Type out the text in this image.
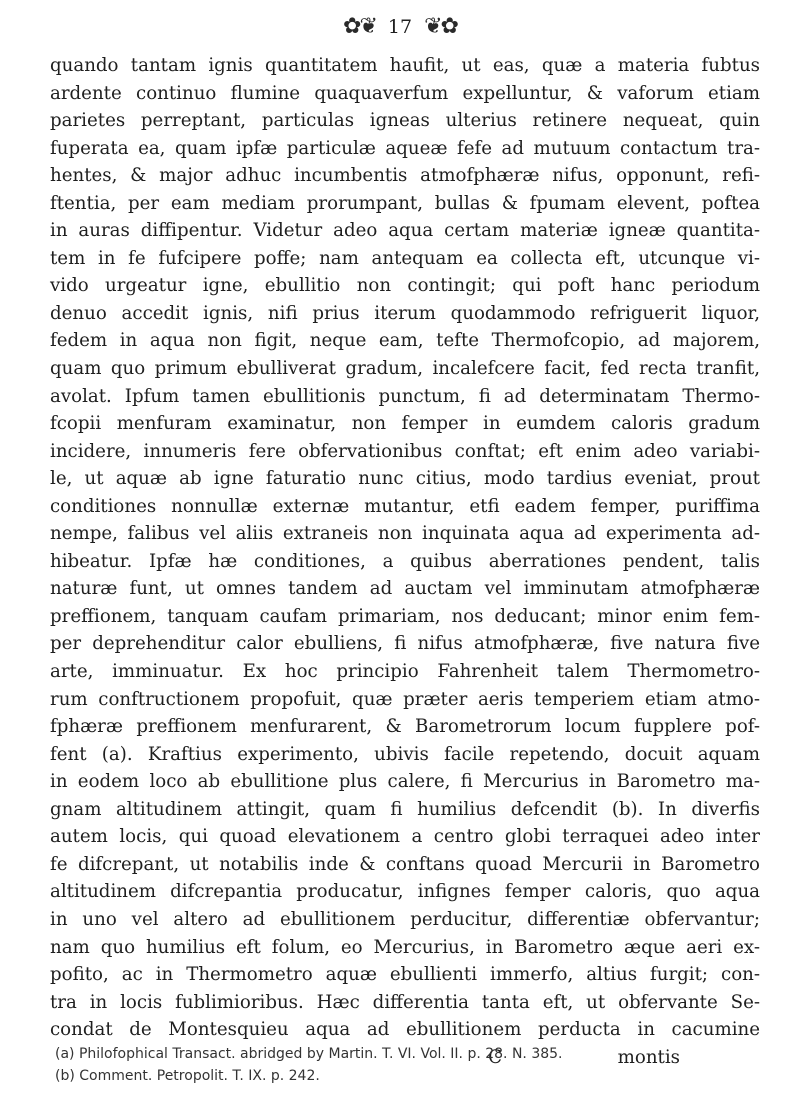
✿❦ 17 ❦✿
quando tantam ignis quantitatem haufit, ut eas, quæ a materia fubtus
ardente continuo flumine quaquaverfum expelluntur, & vaforum etiam
parietes perreptant, particulas igneas ulterius retinere nequeat, quin
fuperata ea, quam ipfæ particulæ aqueæ fefe ad mutuum contactum tra-
hentes, & major adhuc incumbentis atmofphæræ nifus, opponunt, refi-
ftentia, per eam mediam prorumpant, bullas & fpumam elevent, poftea
in auras diffipentur. Videtur adeo aqua certam materiæ igneæ quantita-
tem in fe fufcipere poffe; nam antequam ea collecta eft, utcunque vi-
vido urgeatur igne, ebullitio non contingit; qui poft hanc periodum
denuo accedit ignis, nifi prius iterum quodammodo refriguerit liquor,
fedem in aqua non figit, neque eam, tefte Thermofcopio, ad majorem,
quam quo primum ebulliverat gradum, incalefcere facit, fed recta tranfit,
avolat. Ipfum tamen ebullitionis punctum, fi ad determinatam Thermo-
fcopii menfuram examinatur, non femper in eumdem caloris gradum
incidere, innumeris fere obfervationibus conftat; eft enim adeo variabi-
le, ut aquæ ab igne faturatio nunc citius, modo tardius eveniat, prout
conditiones nonnullæ externæ mutantur, etfi eadem femper, puriffima
nempe, falibus vel aliis extraneis non inquinata aqua ad experimenta ad-
hibeatur. Ipfæ hæ conditiones, a quibus aberrationes pendent, talis
naturæ funt, ut omnes tandem ad auctam vel imminutam atmofphæræ
preffionem, tanquam caufam primariam, nos deducant; minor enim fem-
per deprehenditur calor ebulliens, fi nifus atmofphæræ, five natura five
arte, imminuatur. Ex hoc principio Fahrenheit talem Thermometro-
rum conftructionem propofuit, quæ præter aeris temperiem etiam atmo-
fphæræ preffionem menfurarent, & Barometrorum locum fupplere pof-
fent (a). Kraftius experimento, ubivis facile repetendo, docuit aquam
in eodem loco ab ebullitione plus calere, fi Mercurius in Barometro ma-
gnam altitudinem attingit, quam fi humilius defcendit (b). In diverfis
autem locis, qui quoad elevationem a centro globi terraquei adeo inter
fe difcrepant, ut notabilis inde & conftans quoad Mercurii in Barometro
altitudinem difcrepantia producatur, infignes femper caloris, quo aqua
in uno vel altero ad ebullitionem perducitur, differentiæ obfervantur;
nam quo humilius eft folum, eo Mercurius, in Barometro æque aeri ex-
pofito, ac in Thermometro aquæ ebullienti immerfo, altius furgit; con-
tra in locis fublimioribus. Hæc differentia tanta eft, ut obfervante Se-
condat de Montesquieu aqua ad ebullitionem perducta in cacumine
C                    montis
(a) Philofophical Transact. abridged by Martin. T. VI. Vol. II. p. 28. N. 385.
(b) Comment. Petropolit. T. IX. p. 242.
